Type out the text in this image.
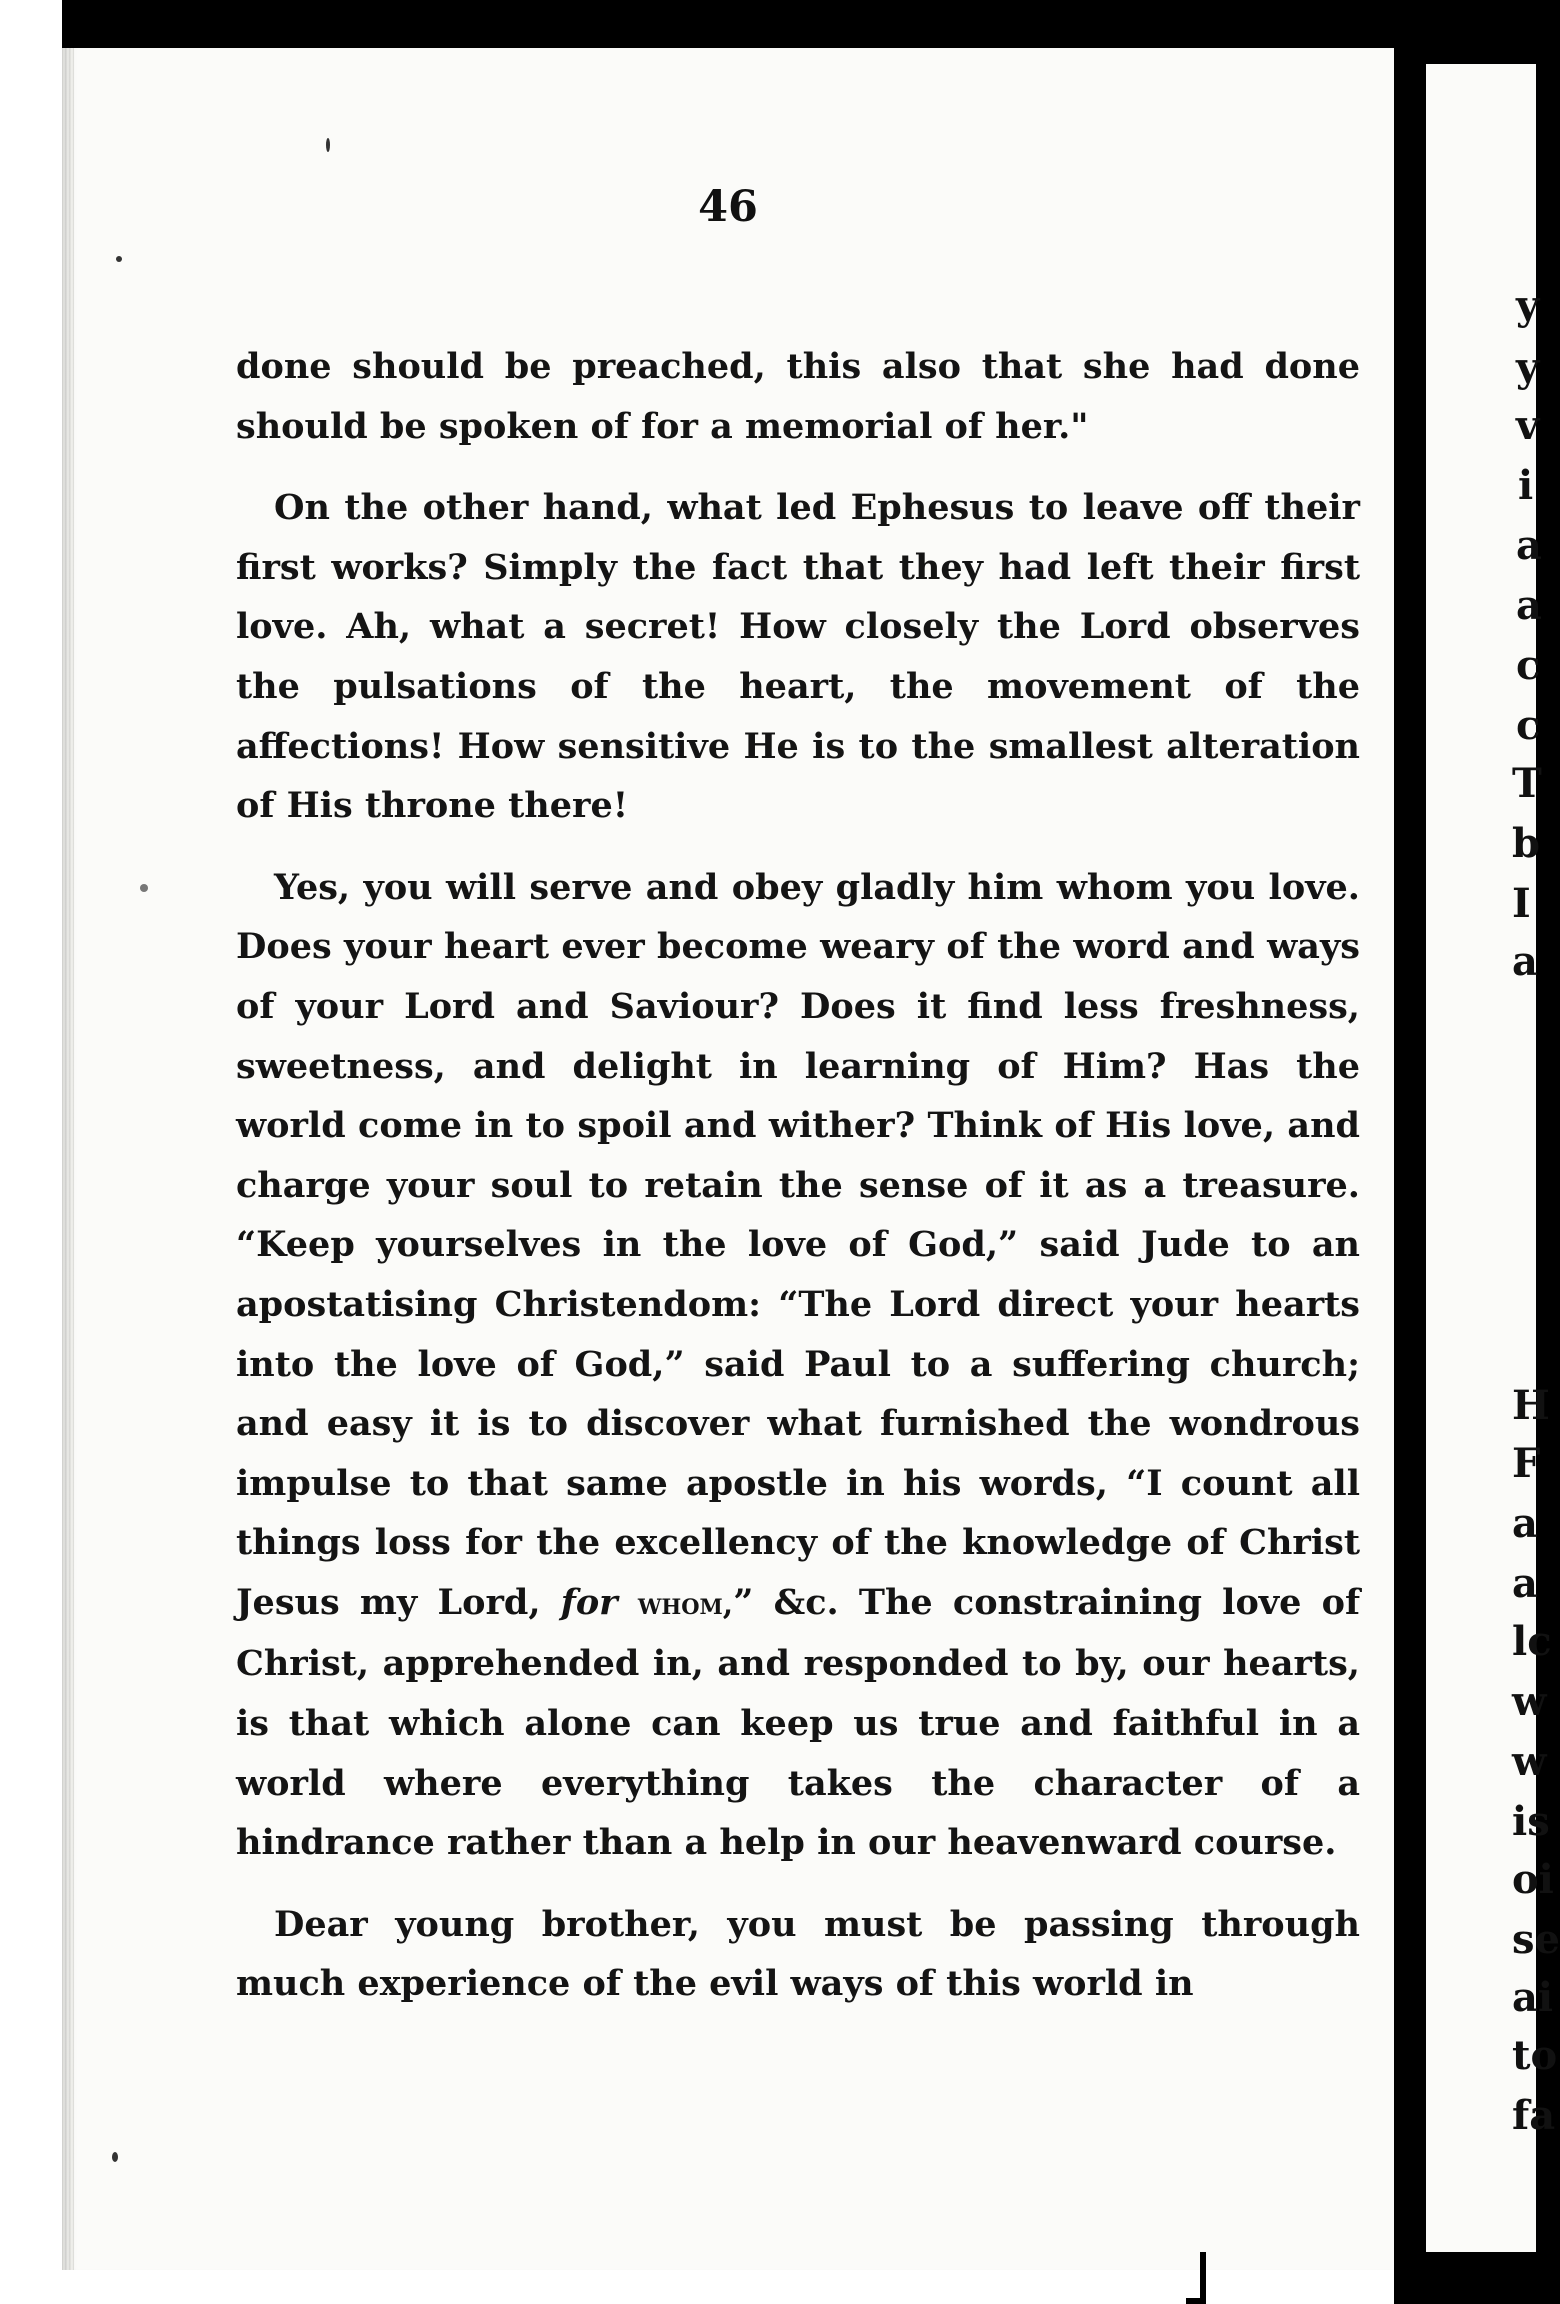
46

done should be preached, this also that she had done should be spoken of for a memorial of her."

On the other hand, what led Ephesus to leave off their first works? Simply the fact that they had left their first love. Ah, what a secret! How closely the Lord observes the pulsations of the heart, the movement of the affections! How sensitive He is to the smallest alteration of His throne there!

Yes, you will serve and obey gladly him whom you love. Does your heart ever become weary of the word and ways of your Lord and Saviour? Does it find less freshness, sweetness, and delight in learning of Him? Has the world come in to spoil and wither? Think of His love, and charge your soul to retain the sense of it as a treasure. “Keep yourselves in the love of God,” said Jude to an apostatising Christendom: “The Lord direct your hearts into the love of God,” said Paul to a suffering church; and easy it is to discover what furnished the wondrous impulse to that same apostle in his words, “I count all things loss for the excellency of the knowledge of Christ Jesus my Lord, for whom,” &c. The constraining love of Christ, apprehended in, and responded to by, our hearts, is that which alone can keep us true and faithful in a world where everything takes the character of a hindrance rather than a help in our heavenward course.

Dear young brother, you must be passing through much experience of the evil ways of this world in

y
y
v
i
a
a
c
c
T
b
I
a
H
F
a
a
lc
w
w
is
oi
se
ai
to
fa
